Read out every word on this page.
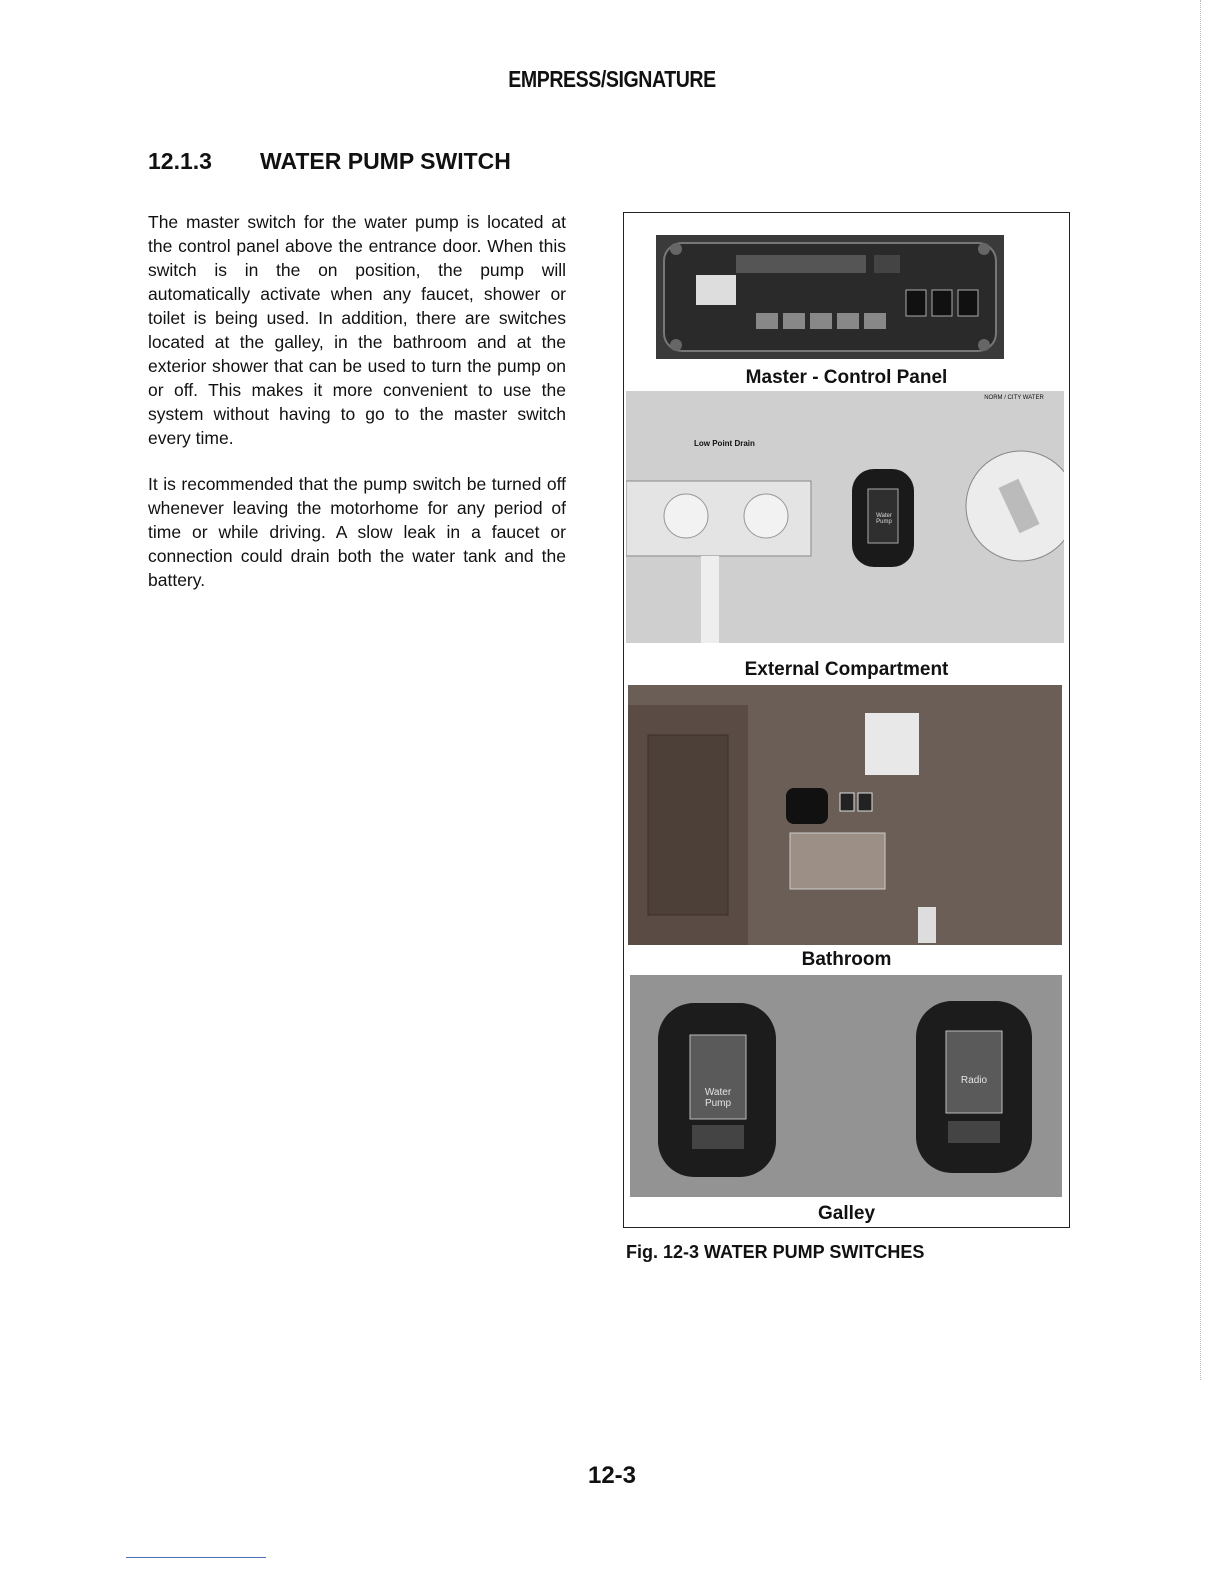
EMPRESS/SIGNATURE
12.1.3 WATER PUMP SWITCH
The master switch for the water pump is located at the control panel above the entrance door. When this switch is in the on position, the pump will automatically activate when any faucet, shower or toilet is being used. In addition, there are switches located at the galley, in the bathroom and at the exterior shower that can be used to turn the pump on or off. This makes it more convenient to use the system without having to go to the master switch every time.
It is recommended that the pump switch be turned off whenever leaving the motorhome for any period of time or while driving. A slow leak in a faucet or connection could drain both the water tank and the battery.
Master - Control Panel
Low Point Drain
Water Pump
NORM / CITY WATER
External Compartment
Bathroom
Water Pump
Radio
Galley
Fig. 12-3 WATER PUMP SWITCHES
12-3
